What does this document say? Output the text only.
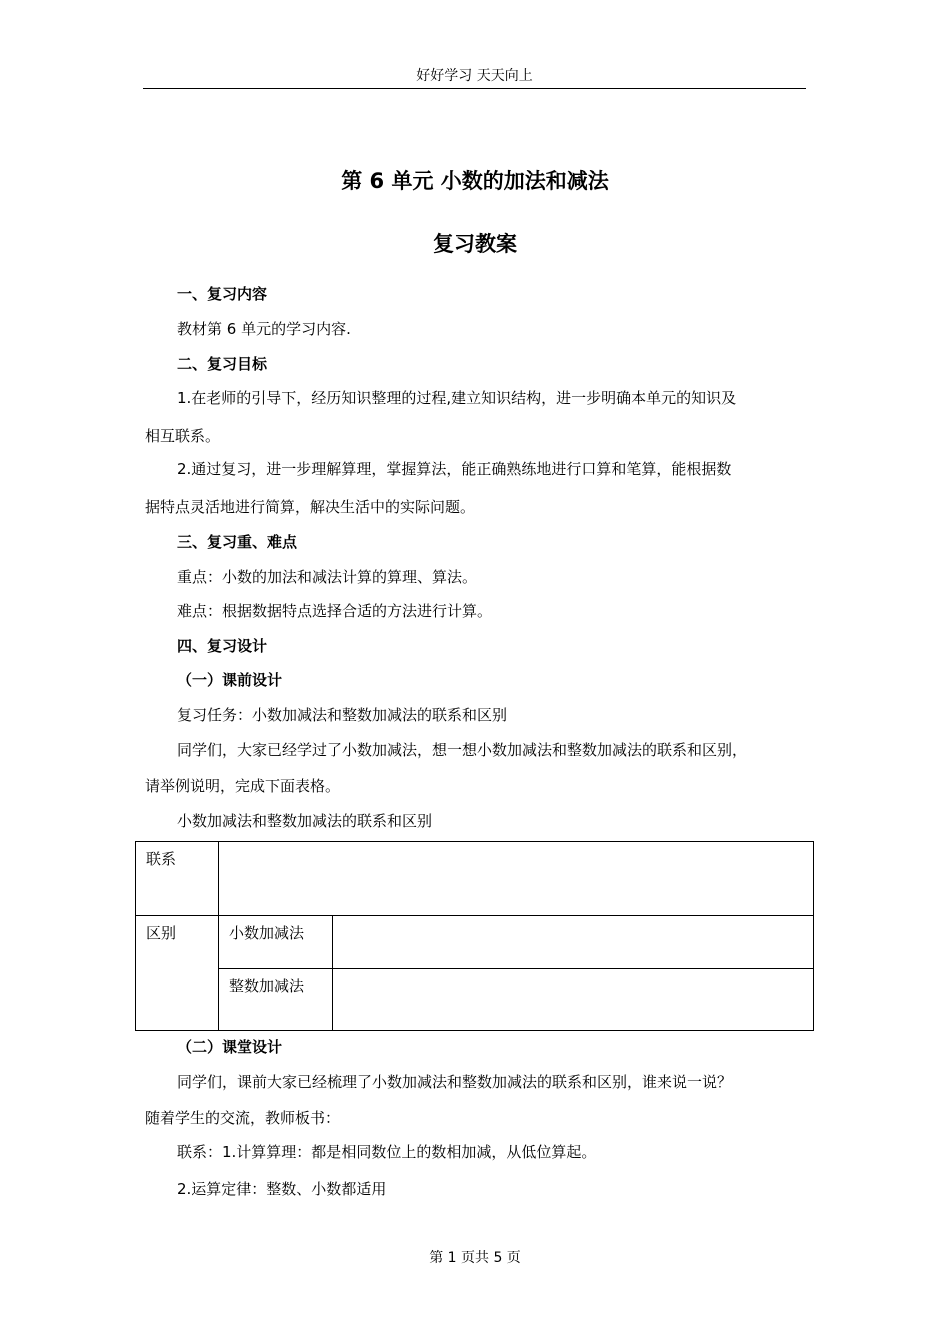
好好学习 天天向上
第 6 单元 小数的加法和减法
复习教案
一、复习内容
教材第 6 单元的学习内容.
二、复习目标
1.在老师的引导下，经历知识整理的过程,建立知识结构，进一步明确本单元的知识及
相互联系。
2.通过复习，进一步理解算理，掌握算法，能正确熟练地进行口算和笔算，能根据数
据特点灵活地进行简算，解决生活中的实际问题。
三、复习重、难点
重点：小数的加法和减法计算的算理、算法。
难点：根据数据特点选择合适的方法进行计算。
四、复习设计
（一）课前设计
复习任务：小数加减法和整数加减法的联系和区别
同学们，大家已经学过了小数加减法，想一想小数加减法和整数加减法的联系和区别，
请举例说明，完成下面表格。
小数加减法和整数加减法的联系和区别
联系		
区别	小数加减法	
	整数加减法	
（二）课堂设计
同学们，课前大家已经梳理了小数加减法和整数加减法的联系和区别，谁来说一说？
随着学生的交流，教师板书：
联系：1.计算算理：都是相同数位上的数相加减，从低位算起。
2.运算定律：整数、小数都适用
第 1 页共 5 页
